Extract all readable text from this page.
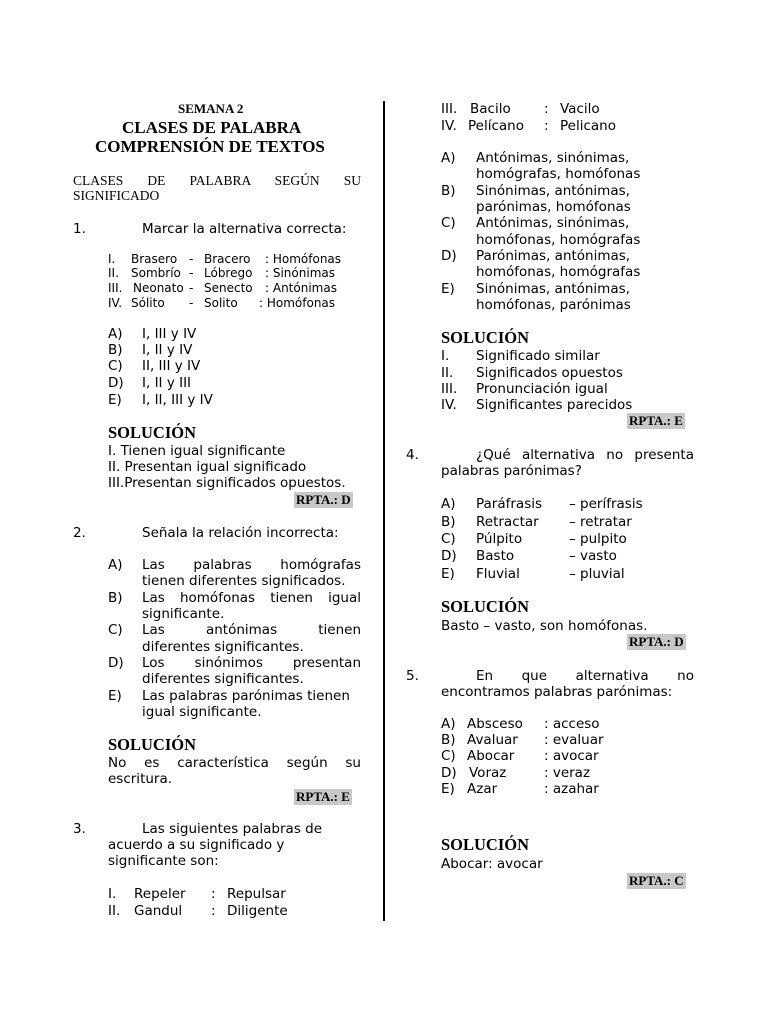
SEMANA 2
CLASES DE PALABRA
COMPRENSIÓN DE TEXTOS
CLASES DE PALABRA SEGÚN SU
SIGNIFICADO
1.	Marcar la alternativa correcta:
I. Brasero - Bracero : Homófonas
II. Sombrío - Lóbrego : Sinónimas
III. Neonato - Senecto : Antónimas
IV. Sólito - Solito : Homófonas
A) I, III y IV
B) I, II y IV
C) II, III y IV
D) I, II y III
E) I, II, III y IV
SOLUCIÓN
I. Tienen igual significante
II. Presentan igual significado
III.Presentan significados opuestos.
RPTA.: D
2.	Señala la relación incorrecta:
A) Las palabras homógrafas
tienen diferentes significados.
B) Las homófonas tienen igual
significante.
C) Las antónimas tienen
diferentes significantes.
D) Los sinónimos presentan
diferentes significantes.
E) Las palabras parónimas tienen
igual significante.
SOLUCIÓN
No es característica según su
escritura.
RPTA.: E
3.	Las siguientes palabras de
acuerdo a su significado y
significante son:
I. Repeler : Repulsar
II. Gandul : Diligente
III. Bacilo : Vacilo
IV. Pelícano : Pelicano
A) Antónimas, sinónimas,
homógrafas, homófonas
B) Sinónimas, antónimas,
parónimas, homófonas
C) Antónimas, sinónimas,
homófonas, homógrafas
D) Parónimas, antónimas,
homófonas, homógrafas
E) Sinónimas, antónimas,
homófonas, parónimas
SOLUCIÓN
I. Significado similar
II. Significados opuestos
III. Pronunciación igual
IV. Significantes parecidos
RPTA.: E
4.	¿Qué alternativa no presenta
palabras parónimas?
A) Paráfrasis – perífrasis
B) Retractar – retratar
C) Púlpito	– pulpito
D) Basto	– vasto
E) Fluvial	– pluvial
SOLUCIÓN
Basto – vasto, son homófonas.
RPTA.: D
5.	En que alternativa no
encontramos palabras parónimas:
A) Absceso : acceso
B) Avaluar : evaluar
C) Abocar : avocar
D) Voraz	: veraz
E) Azar	: azahar
SOLUCIÓN
Abocar: avocar
RPTA.: C
